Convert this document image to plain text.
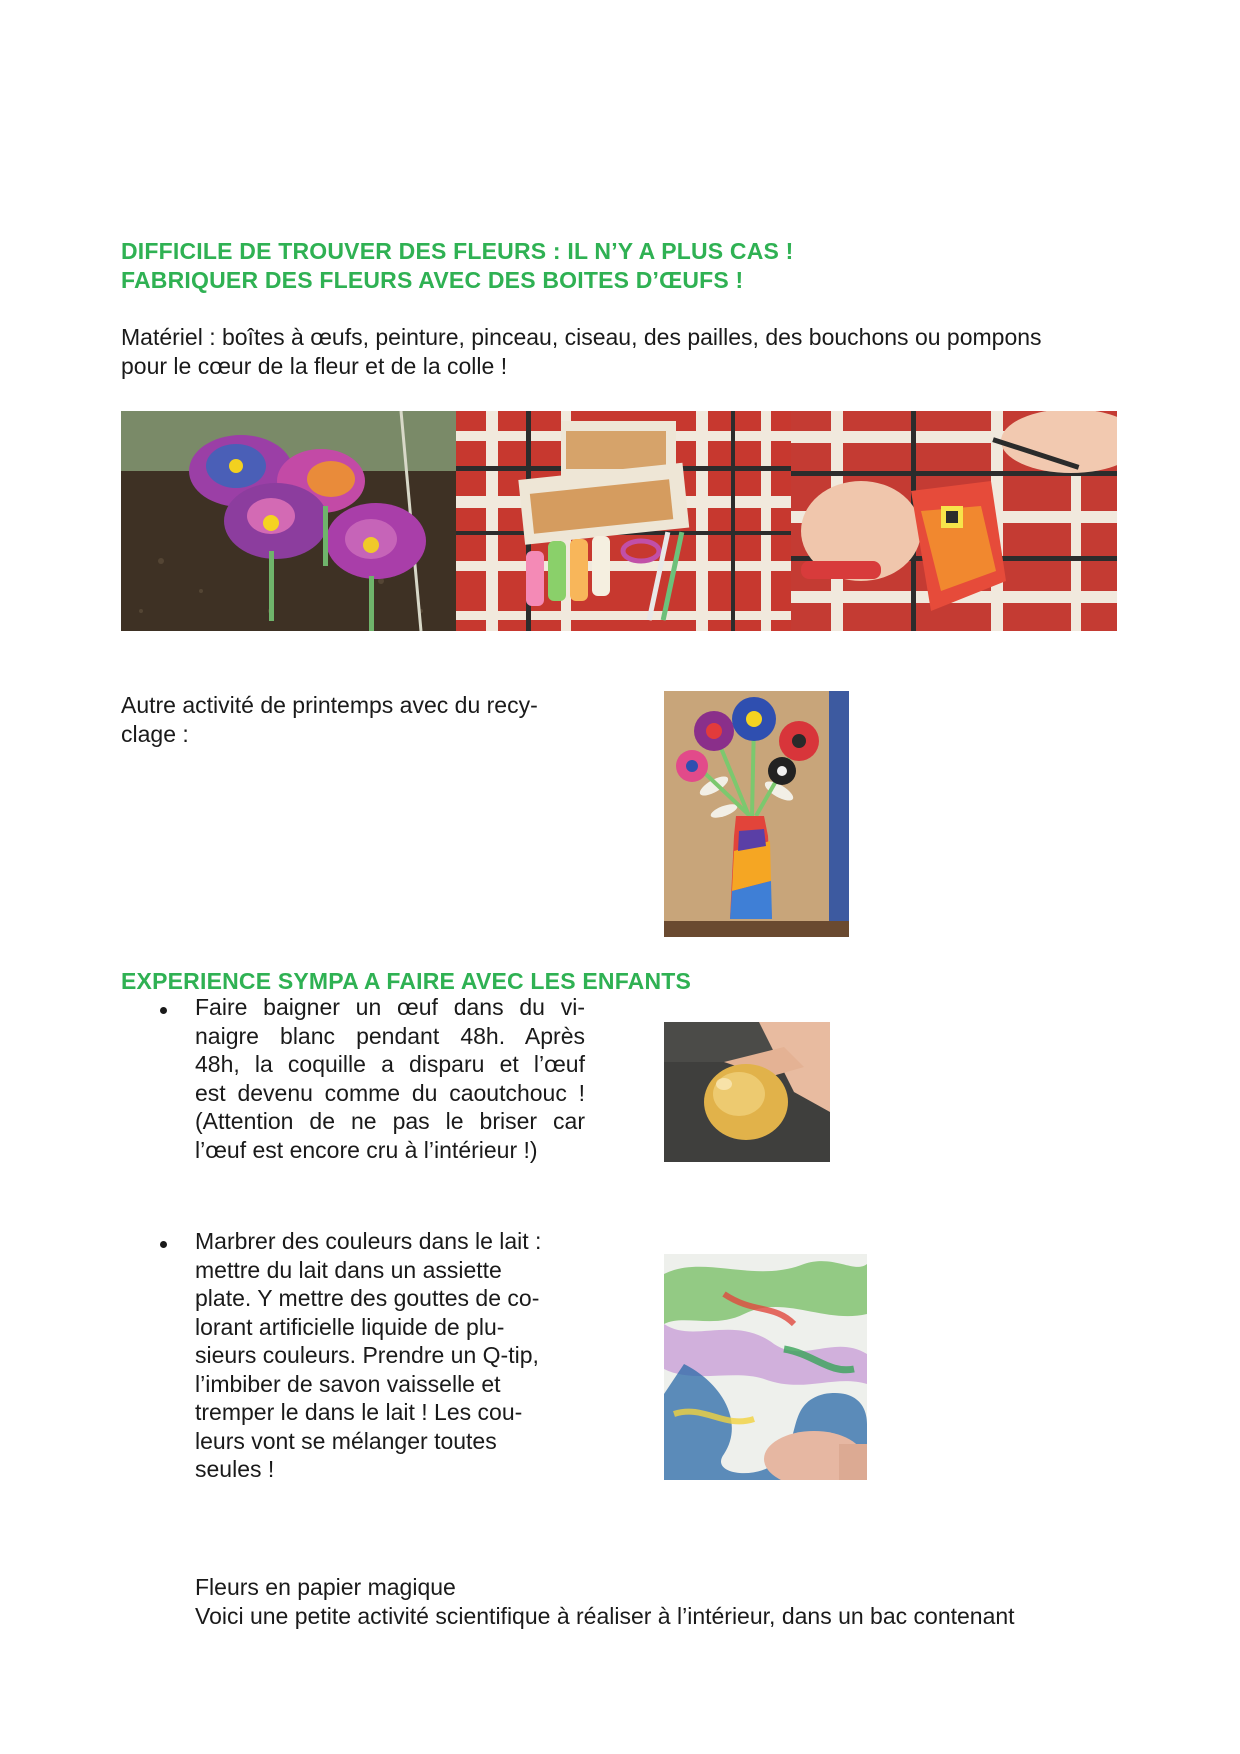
DIFFICILE DE TROUVER DES FLEURS : IL N’Y A PLUS CAS !
FABRIQUER DES FLEURS AVEC DES BOITES D’ŒUFS !
Matériel : boîtes à œufs, peinture, pinceau, ciseau, des pailles, des bouchons ou pompons
pour le cœur de la fleur et de la colle !
Autre activité de printemps avec du recy-
clage :
EXPERIENCE SYMPA A FAIRE AVEC LES ENFANTS
Faire baigner un œuf dans du vi-
naigre blanc pendant 48h. Après
48h, la coquille a disparu et l’œuf
est devenu comme du caoutchouc !
(Attention de ne pas le briser car
l’œuf est encore cru à l’intérieur !)
Marbrer des couleurs dans le lait :
mettre du lait dans un assiette
plate. Y mettre des gouttes de co-
lorant artificielle liquide de plu-
sieurs couleurs. Prendre un Q-tip,
l’imbiber de savon vaisselle et
tremper le dans le lait ! Les cou-
leurs vont se mélanger toutes
seules !
Fleurs en papier magique
Voici une petite activité scientifique à réaliser à l’intérieur, dans un bac contenant
